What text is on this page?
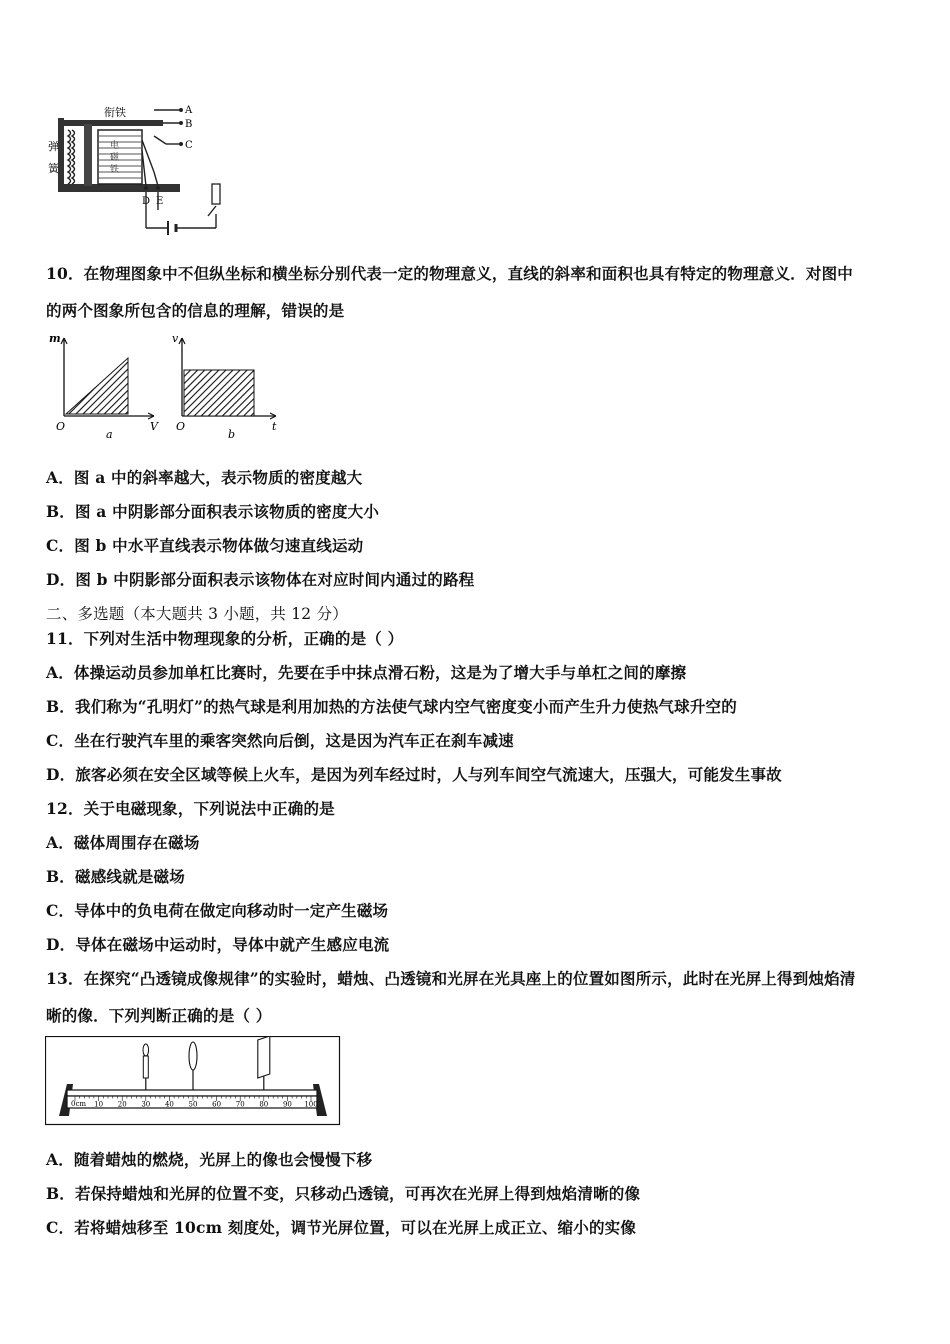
衔铁
弹
簧
电
磁
铁
A
B
C
D E
10．在物理图象中不但纵坐标和横坐标分别代表一定的物理意义，直线的斜率和面积也具有特定的物理意义．对图中
的两个图象所包含的信息的理解，错误的是
m
V
O
a
v
t
O
b
A．图 a 中的斜率越大，表示物质的密度越大
B．图 a 中阴影部分面积表示该物质的密度大小
C．图 b 中水平直线表示物体做匀速直线运动
D．图 b 中阴影部分面积表示该物体在对应时间内通过的路程
二、多选题（本大题共 3 小题，共 12 分）
11．下列对生活中物理现象的分析，正确的是（ ）
A．体操运动员参加单杠比赛时，先要在手中抹点滑石粉，这是为了增大手与单杠之间的摩擦
B．我们称为“孔明灯”的热气球是利用加热的方法使气球内空气密度变小而产生升力使热气球升空的
C．坐在行驶汽车里的乘客突然向后倒，这是因为汽车正在刹车减速
D．旅客必须在安全区域等候上火车，是因为列车经过时，人与列车间空气流速大，压强大，可能发生事故
12．关于电磁现象，下列说法中正确的是
A．磁体周围存在磁场
B．磁感线就是磁场
C．导体中的负电荷在做定向移动时一定产生磁场
D．导体在磁场中运动时，导体中就产生感应电流
13．在探究“凸透镜成像规律”的实验时，蜡烛、凸透镜和光屏在光具座上的位置如图所示，此时在光屏上得到烛焰清
晰的像．下列判断正确的是（ ）
0cm 10 20 30 40 50 60 70 80 90 100
A．随着蜡烛的燃烧，光屏上的像也会慢慢下移
B．若保持蜡烛和光屏的位置不变，只移动凸透镜，可再次在光屏上得到烛焰清晰的像
C．若将蜡烛移至 10cm 刻度处，调节光屏位置，可以在光屏上成正立、缩小的实像
